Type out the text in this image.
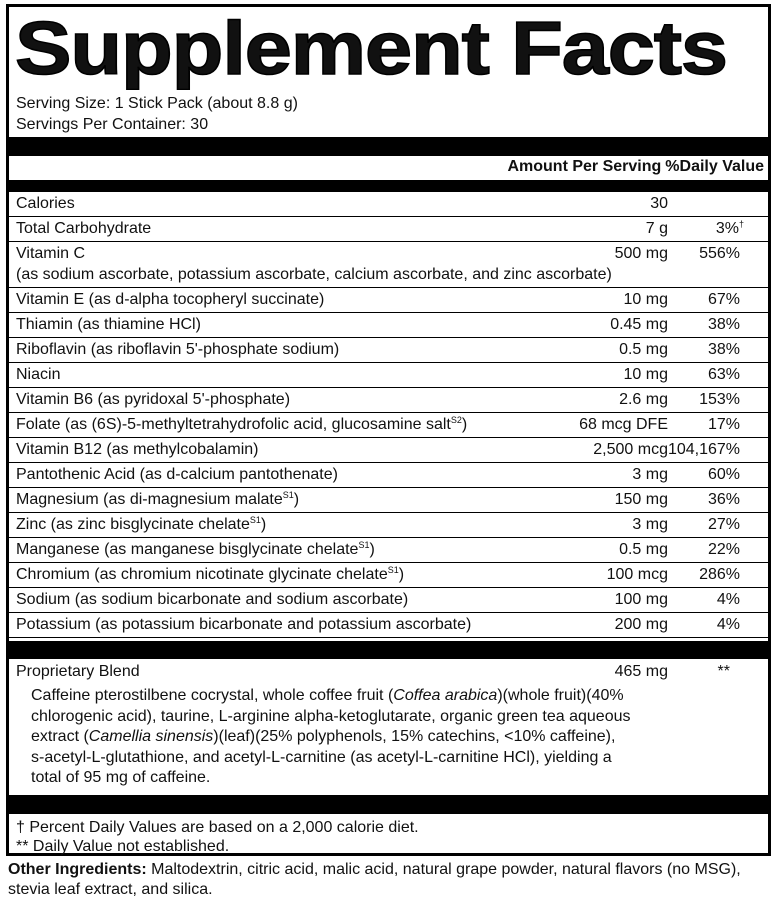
Supplement Facts
Serving Size: 1 Stick Pack (about 8.8 g)
Servings Per Container: 30
Amount Per Serving %Daily Value
Calories	30
Total Carbohydrate	7 g	3%†
Vitamin C	500 mg 556%
(as sodium ascorbate, potassium ascorbate, calcium ascorbate, and zinc ascorbate)
Vitamin E (as d-alpha tocopheryl succinate)	10 mg 67%
Thiamin (as thiamine HCl)	0.45 mg 38%
Riboflavin (as riboflavin 5'-phosphate sodium)	0.5 mg 38%
Niacin	10 mg 63%
Vitamin B6 (as pyridoxal 5'-phosphate)	2.6 mg 153%
Folate (as (6S)-5-methyltetrahydrofolic acid, glucosamine salt$^{S2}$)	68 mcg DFE 17%
Vitamin B12 (as methylcobalamin)	2,500 mcg 104,167%
Pantothenic Acid (as d-calcium pantothenate)	3 mg 60%
Magnesium (as di-magnesium malate$^{S1}$)	150 mg 36%
Zinc (as zinc bisglycinate chelate$^{S1}$)	3 mg 27%
Manganese (as manganese bisglycinate chelate$^{S1}$)	0.5 mg 22%
Chromium (as chromium nicotinate glycinate chelate$^{S1}$)	100 mcg 286%
Sodium (as sodium bicarbonate and sodium ascorbate)	100 mg	4%
Potassium (as potassium bicarbonate and potassium ascorbate)	200 mg	4%
Proprietary Blend	465 mg	**
Caffeine pterostilbene cocrystal, whole coffee fruit (Coffea arabica)(whole fruit)(40% chlorogenic acid), taurine, L-arginine alpha-ketoglutarate, organic green tea aqueous extract (Camellia sinensis)(leaf)(25% polyphenols, 15% catechins, <10% caffeine), s-acetyl-L-glutathione, and acetyl-L-carnitine (as acetyl-L-carnitine HCl), yielding a total of 95 mg of caffeine.
† Percent Daily Values are based on a 2,000 calorie diet.
** Daily Value not established.
Other Ingredients: Maltodextrin, citric acid, malic acid, natural grape powder, natural flavors (no MSG), stevia leaf extract, and silica.
